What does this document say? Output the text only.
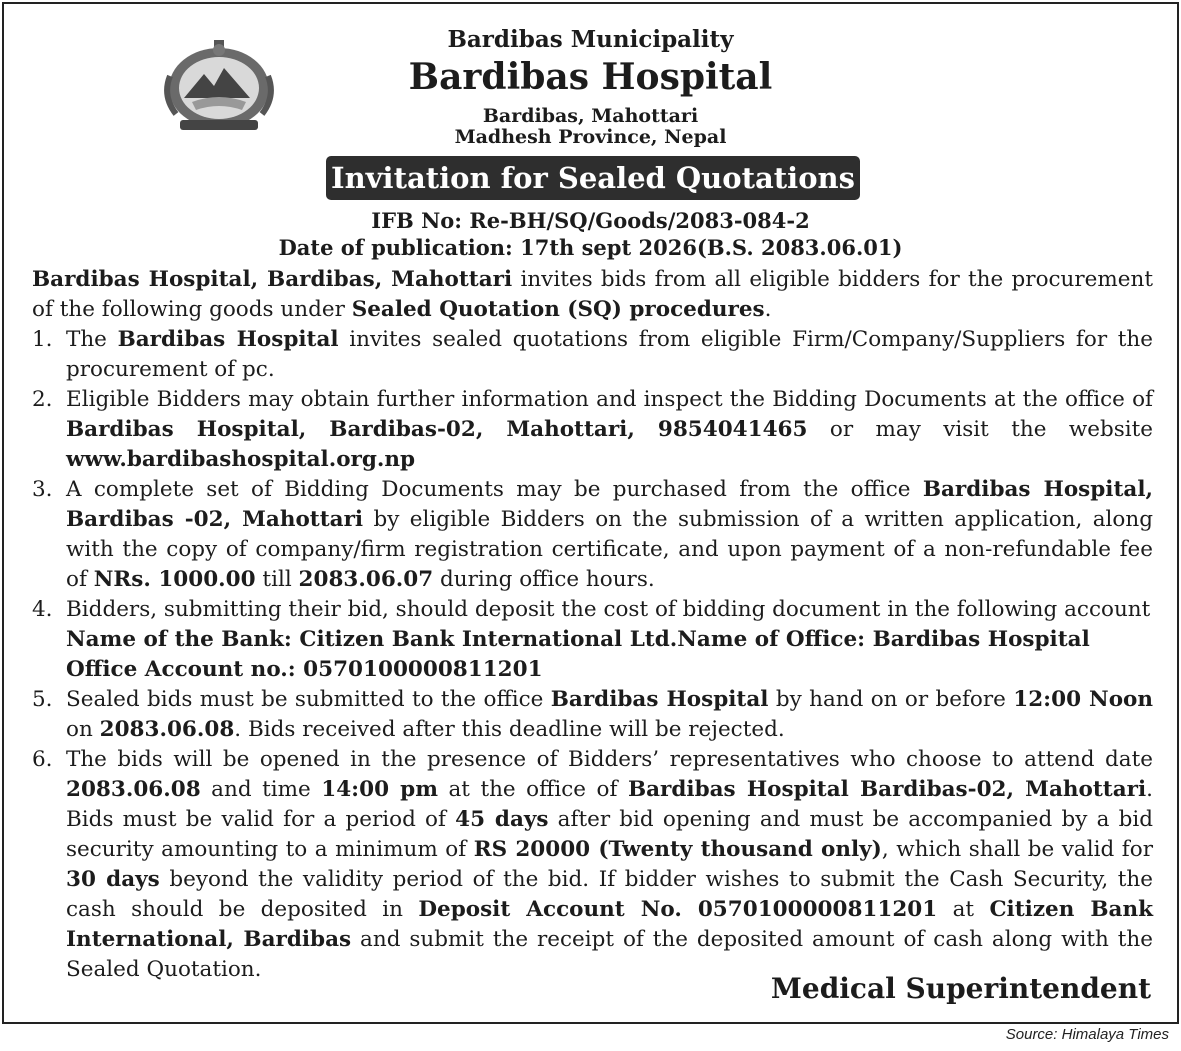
Bardibas Municipality
Bardibas Hospital
Bardibas, Mahottari
Madhesh Province, Nepal
Invitation for Sealed Quotations
IFB No: Re-BH/SQ/Goods/2083-084-2
Date of publication: 17th sept 2026(B.S. 2083.06.01)

Bardibas Hospital, Bardibas, Mahottari invites bids from all eligible bidders for the procurement of the following goods under Sealed Quotation (SQ) procedures.

1. The Bardibas Hospital invites sealed quotations from eligible Firm/Company/Suppliers for the procurement of pc.
2. Eligible Bidders may obtain further information and inspect the Bidding Documents at the office of Bardibas Hospital, Bardibas-02, Mahottari, 9854041465 or may visit the website www.bardibashospital.org.np
3. A complete set of Bidding Documents may be purchased from the office Bardibas Hospital, Bardibas -02, Mahottari by eligible Bidders on the submission of a written application, along with the copy of company/firm registration certificate, and upon payment of a non-refundable fee of NRs. 1000.00 till 2083.06.07 during office hours.
4. Bidders, submitting their bid, should deposit the cost of bidding document in the following account
Name of the Bank: Citizen Bank International Ltd. Name of Office: Bardibas Hospital
Office Account no.: 0570100000811201
5. Sealed bids must be submitted to the office Bardibas Hospital by hand on or before 12:00 Noon on 2083.06.08. Bids received after this deadline will be rejected.
6. The bids will be opened in the presence of Bidders’ representatives who choose to attend date 2083.06.08 and time 14:00 pm at the office of Bardibas Hospital Bardibas-02, Mahottari. Bids must be valid for a period of 45 days after bid opening and must be accompanied by a bid security amounting to a minimum of RS 20000 (Twenty thousand only), which shall be valid for 30 days beyond the validity period of the bid. If bidder wishes to submit the Cash Security, the cash should be deposited in Deposit Account No. 0570100000811201 at Citizen Bank International, Bardibas and submit the receipt of the deposited amount of cash along with the Sealed Quotation.
Medical Superintendent
Source: Himalaya Times
